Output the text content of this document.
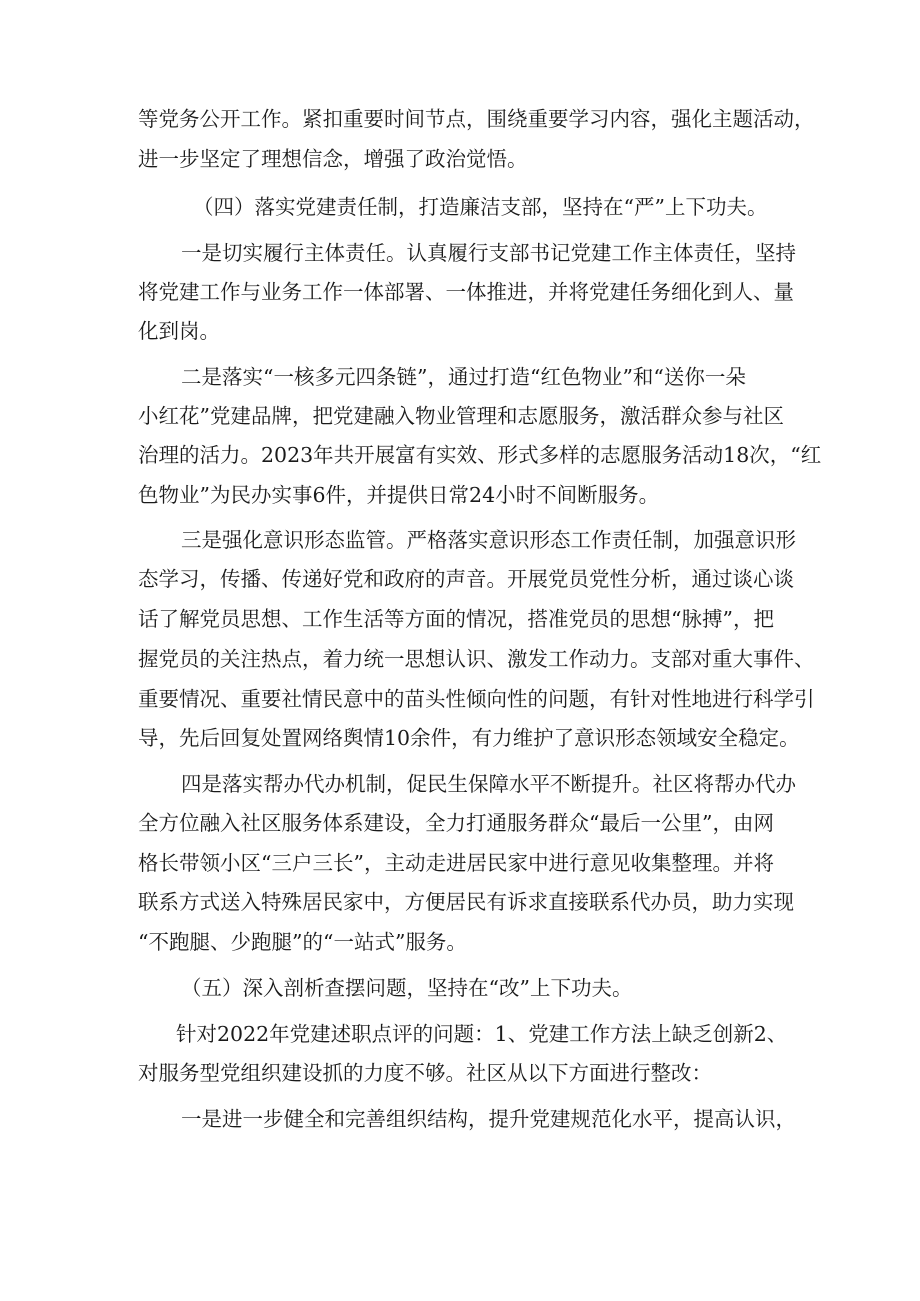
等党务公开工作。紧扣重要时间节点，围绕重要学习内容，强化主题活动，
进一步坚定了理想信念，增强了政治觉悟。
（四）落实党建责任制，打造廉洁支部，坚持在“严”上下功夫。
一是切实履行主体责任。认真履行支部书记党建工作主体责任，坚持
将党建工作与业务工作一体部署、一体推进，并将党建任务细化到人、量
化到岗。
二是落实“一核多元四条链”，通过打造“红色物业”和“送你一朵
小红花”党建品牌，把党建融入物业管理和志愿服务，激活群众参与社区
治理的活力。2023年共开展富有实效、形式多样的志愿服务活动18次，“红
色物业”为民办实事6件，并提供日常24小时不间断服务。
三是强化意识形态监管。严格落实意识形态工作责任制，加强意识形
态学习，传播、传递好党和政府的声音。开展党员党性分析，通过谈心谈
话了解党员思想、工作生活等方面的情况，搭准党员的思想“脉搏”，把
握党员的关注热点，着力统一思想认识、激发工作动力。支部对重大事件、
重要情况、重要社情民意中的苗头性倾向性的问题，有针对性地进行科学引
导，先后回复处置网络舆情10余件，有力维护了意识形态领域安全稳定。
四是落实帮办代办机制，促民生保障水平不断提升。社区将帮办代办
全方位融入社区服务体系建设，全力打通服务群众“最后一公里”，由网
格长带领小区“三户三长”，主动走进居民家中进行意见收集整理。并将
联系方式送入特殊居民家中，方便居民有诉求直接联系代办员，助力实现
“不跑腿、少跑腿”的“一站式”服务。
（五）深入剖析查摆问题，坚持在“改”上下功夫。
针对2022年党建述职点评的问题：1、党建工作方法上缺乏创新2、
对服务型党组织建设抓的力度不够。社区从以下方面进行整改：
一是进一步健全和完善组织结构，提升党建规范化水平，提高认识，
